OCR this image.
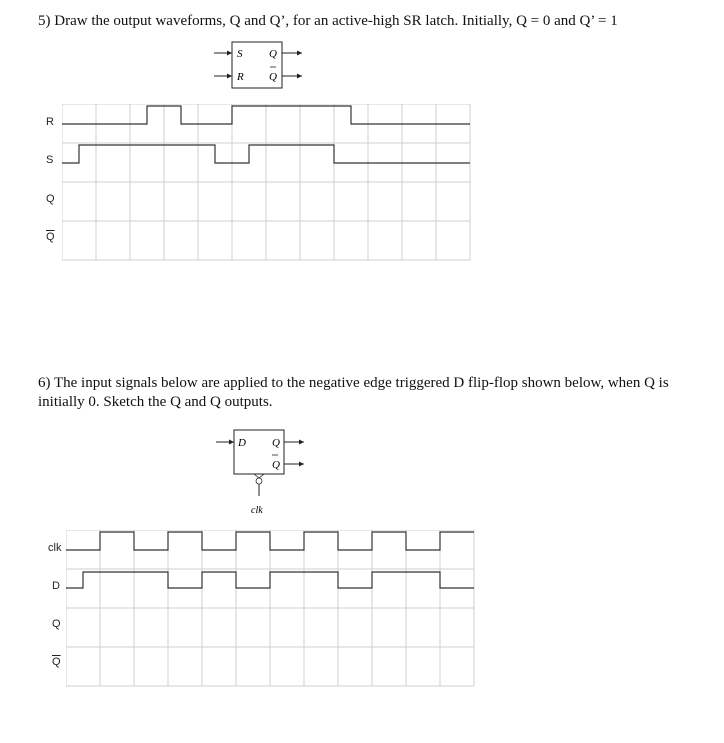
5) Draw the output waveforms, Q and Q’, for an active-high SR latch. Initially, Q = 0 and Q’ = 1
S
R
Q
Q
R
S
Q
$\overline{Q}$
6) The input signals below are applied to the negative edge triggered D flip-flop shown below, when Q is initially 0. Sketch the Q and Q outputs.
D Q
Q
clk
clk
D
Q
$\overline{Q}$
